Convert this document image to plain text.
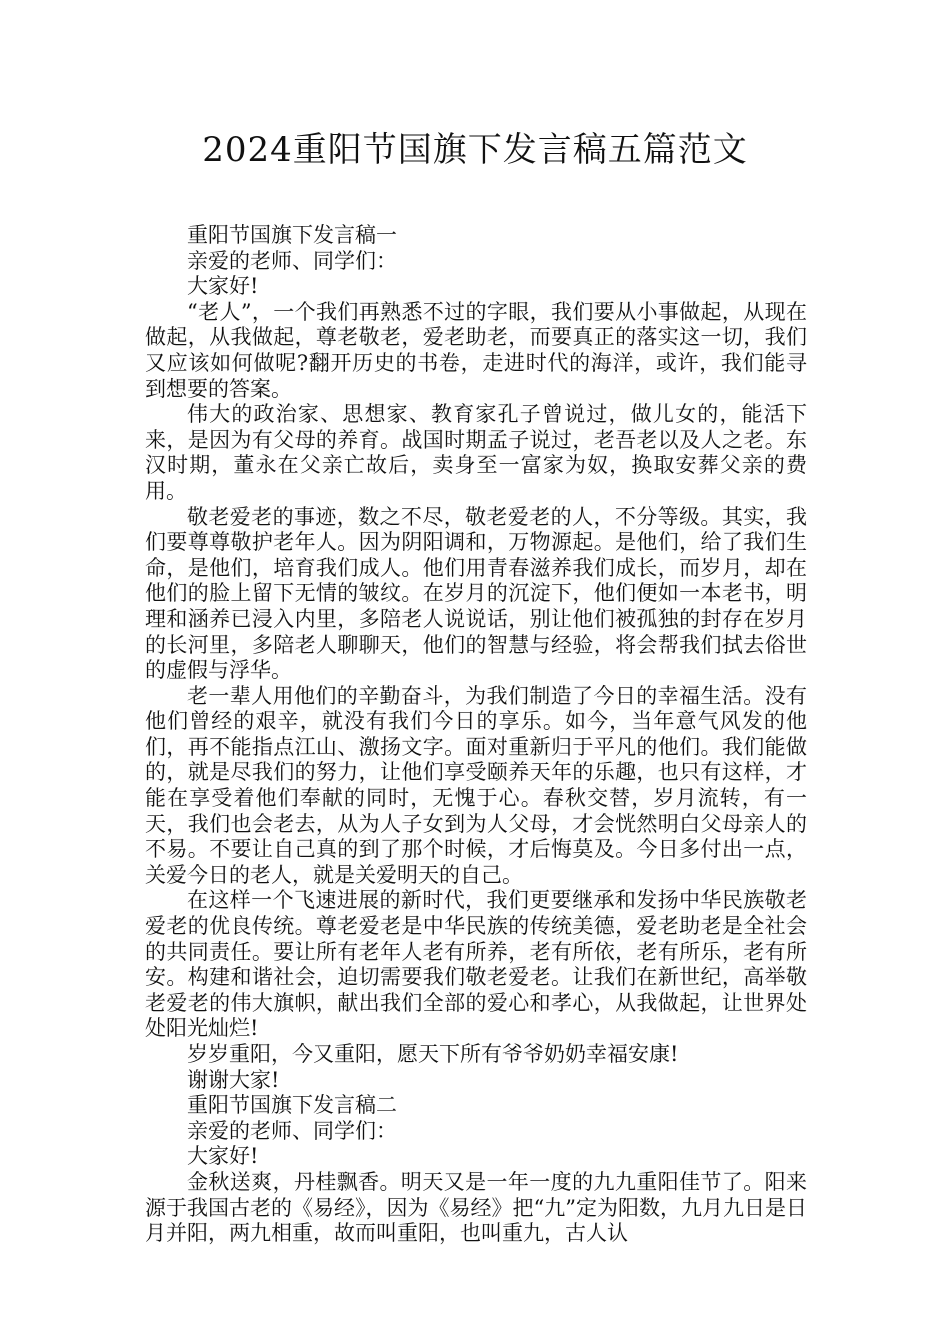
2024重阳节国旗下发言稿五篇范文

重阳节国旗下发言稿一

亲爱的老师、同学们：

大家好!

“老人”，一个我们再熟悉不过的字眼，我们要从小事做起，从现在做起，从我做起，尊老敬老，爱老助老，而要真正的落实这一切，我们又应该如何做呢?翻开历史的书卷，走进时代的海洋，或许，我们能寻到想要的答案。

伟大的政治家、思想家、教育家孔子曾说过，做儿女的，能活下来，是因为有父母的养育。战国时期孟子说过，老吾老以及人之老。东汉时期，董永在父亲亡故后，卖身至一富家为奴，换取安葬父亲的费用。

敬老爱老的事迹，数之不尽，敬老爱老的人，不分等级。其实，我们要尊尊敬护老年人。因为阴阳调和，万物源起。是他们，给了我们生命，是他们，培育我们成人。他们用青春滋养我们成长，而岁月，却在他们的脸上留下无情的皱纹。在岁月的沉淀下，他们便如一本老书，明理和涵养已浸入内里，多陪老人说说话，别让他们被孤独的封存在岁月的长河里，多陪老人聊聊天，他们的智慧与经验，将会帮我们拭去俗世的虚假与浮华。

老一辈人用他们的辛勤奋斗，为我们制造了今日的幸福生活。没有他们曾经的艰辛，就没有我们今日的享乐。如今，当年意气风发的他们，再不能指点江山、激扬文字。面对重新归于平凡的他们。我们能做的，就是尽我们的努力，让他们享受颐养天年的乐趣，也只有这样，才能在享受着他们奉献的同时，无愧于心。春秋交替，岁月流转，有一天，我们也会老去，从为人子女到为人父母，才会恍然明白父母亲人的不易。不要让自己真的到了那个时候，才后悔莫及。今日多付出一点，关爱今日的老人，就是关爱明天的自己。

在这样一个飞速进展的新时代，我们更要继承和发扬中华民族敬老爱老的优良传统。尊老爱老是中华民族的传统美德，爱老助老是全社会的共同责任。要让所有老年人老有所养，老有所依，老有所乐，老有所安。构建和谐社会，迫切需要我们敬老爱老。让我们在新世纪，高举敬老爱老的伟大旗帜，献出我们全部的爱心和孝心，从我做起，让世界处处阳光灿烂!

岁岁重阳，今又重阳，愿天下所有爷爷奶奶幸福安康!

谢谢大家!

重阳节国旗下发言稿二

亲爱的老师、同学们：

大家好!

金秋送爽，丹桂飘香。明天又是一年一度的九九重阳佳节了。阳来源于我国古老的《易经》，因为《易经》把“九”定为阳数，九月九日是日月并阳，两九相重，故而叫重阳，也叫重九，古人认
